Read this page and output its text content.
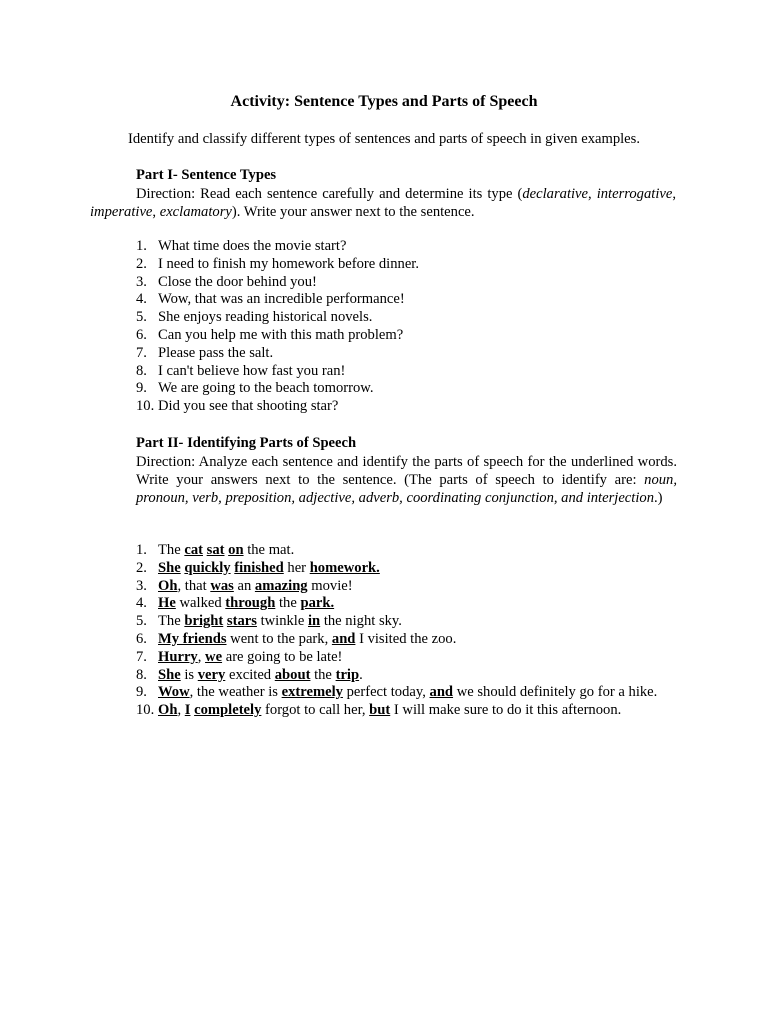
Activity: Sentence Types and Parts of Speech
Identify and classify different types of sentences and parts of speech in given examples.
Part I- Sentence Types
Direction: Read each sentence carefully and determine its type (declarative, interrogative, imperative, exclamatory). Write your answer next to the sentence.
1. What time does the movie start?
2. I need to finish my homework before dinner.
3. Close the door behind you!
4. Wow, that was an incredible performance!
5. She enjoys reading historical novels.
6. Can you help me with this math problem?
7. Please pass the salt.
8. I can't believe how fast you ran!
9. We are going to the beach tomorrow.
10. Did you see that shooting star?
Part II- Identifying Parts of Speech
Direction: Analyze each sentence and identify the parts of speech for the underlined words. Write your answers next to the sentence. (The parts of speech to identify are: noun, pronoun, verb, preposition, adjective, adverb, coordinating conjunction, and interjection.)
1. The cat sat on the mat.
2. She quickly finished her homework.
3. Oh, that was an amazing movie!
4. He walked through the park.
5. The bright stars twinkle in the night sky.
6. My friends went to the park, and I visited the zoo.
7. Hurry, we are going to be late!
8. She is very excited about the trip.
9. Wow, the weather is extremely perfect today, and we should definitely go for a hike.
10. Oh, I completely forgot to call her, but I will make sure to do it this afternoon.
